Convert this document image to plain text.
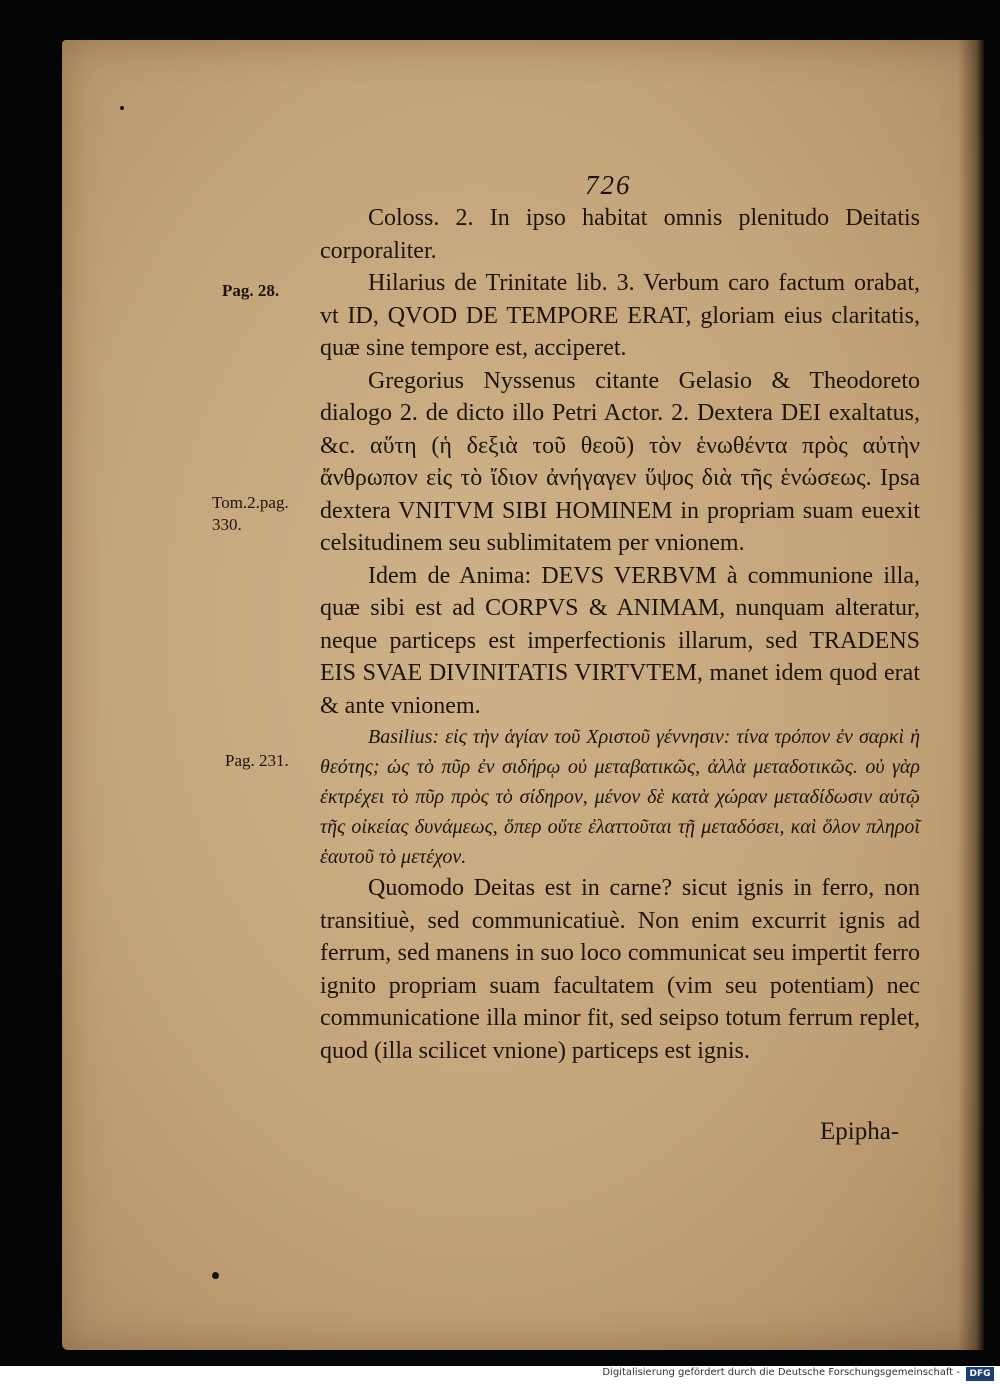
726

Coloss. 2. In ipso habitat omnis plenitudo Deitatis corporaliter.

Hilarius de Trinitate lib. 3. Verbum caro factum orabat, vt ID, QVOD DE TEMPORE ERAT, gloriam eius claritatis, quæ sine tempore est, acciperet.

Gregorius Nyssenus citante Gelasio & Theodoreto dialogo 2. de dicto illo Petri Actor. 2. Dextera DEI exaltatus, &c. αὕτη (ἡ δεξιὰ τοῦ θεοῦ) τὸν ἑνωθέντα πρὸς αὐτὴν ἄνθρωπον εἰς τὸ ἴδιον ἀνήγαγεν ὕψος διὰ τῆς ἑνώσεως. Ipsa dextera VNITVM SIBI HOMINEM in propriam suam euexit celsitudinem seu sublimitatem per vnionem.

Idem de Anima: DEVS VERBVM à communione illa, quæ sibi est ad CORPVS & ANIMAM, nunquam alteratur, neque particeps est imperfectionis illarum, sed TRADENS EIS SVAE DIVINITATIS VIRTVTEM, manet idem quod erat & ante vnionem.

Basilius: εἰς τὴν ἁγίαν τοῦ Χριστοῦ γέννησιν: τίνα τρόπον ἐν σαρκὶ ἡ θεότης; ὡς τὸ πῦρ ἐν σιδήρῳ οὐ μεταβατικῶς, ἀλλὰ μεταδοτικῶς. οὐ γὰρ ἐκτρέχει τὸ πῦρ πρὸς τὸ σίδηρον, μένον δὲ κατὰ χώραν μεταδίδωσιν αὐτῷ τῆς οἰκείας δυνάμεως, ὅπερ οὔτε ἐλαττοῦται τῇ μεταδόσει, καὶ ὅλον πληροῖ ἑαυτοῦ τὸ μετέχον.

Quomodo Deitas est in carne? sicut ignis in ferro, non transitiuè, sed communicatiuè. Non enim excurrit ignis ad ferrum, sed manens in suo loco communicat seu impertit ferro ignito propriam suam facultatem (vim seu potentiam) nec communicatione illa minor fit, sed seipso totum ferrum replet, quod (illa scilicet vnione) particeps est ignis.

Epipha-
Pag. 28.
Tom.2.pag. 330.
Pag. 231.
Digitalisierung gefördert durch die Deutsche Forschungsgemeinschaft -	DFG
